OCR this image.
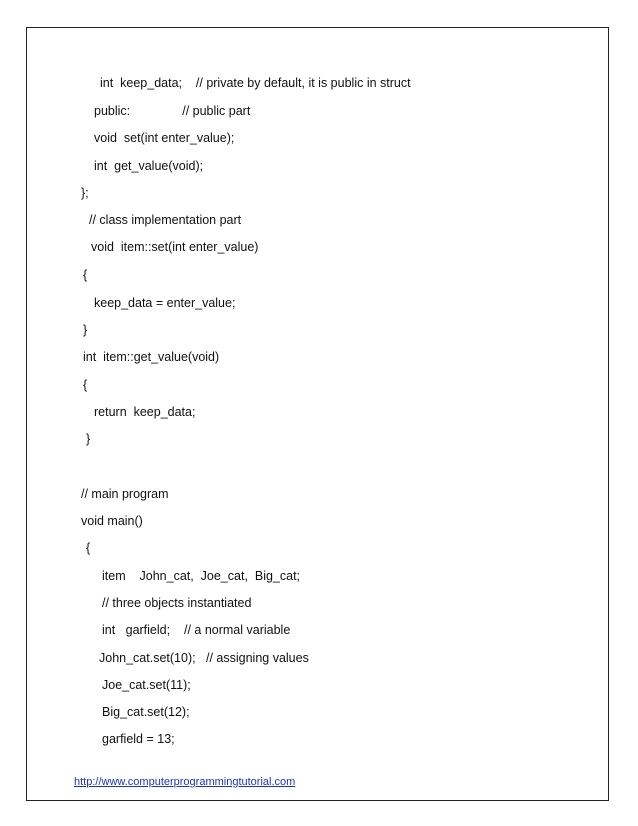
int  keep_data;    // private by default, it is public in struct
public:               // public part
void  set(int enter_value);
int  get_value(void);
};
// class implementation part
void  item::set(int enter_value)
{
keep_data = enter_value;
}
int  item::get_value(void)
{
return  keep_data;
}
// main program
void main()
{
item    John_cat,  Joe_cat,  Big_cat;
// three objects instantiated
int   garfield;    // a normal variable
John_cat.set(10);   // assigning values
Joe_cat.set(11);
Big_cat.set(12);
garfield = 13;
http://www.computerprogrammingtutorial.com
